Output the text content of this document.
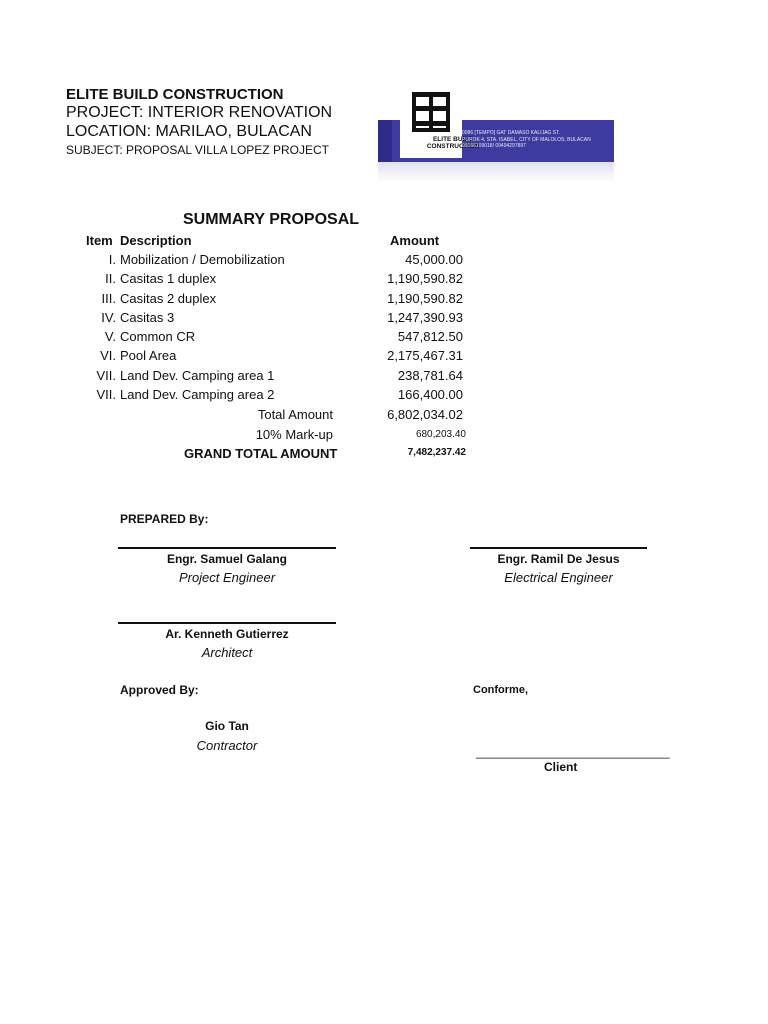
ELITE BUILD CONSTRUCTION
PROJECT: INTERIOR RENOVATION
LOCATION: MARILAO, BULACAN
SUBJECT: PROPOSAL VILLA LOPEZ PROJECT
ELITE BUILD
CONSTRUCTION
0086 [TEMPO] GAT DAMASO KALIJAG ST.
PUROK 4, STA. ISABEL, CITY OF MALOLOS, BULACAN
09166109018/ 09494297897
SUMMARY PROPOSAL
Item Description	Amount
I. Mobilization / Demobilization	45,000.00
II. Casitas 1 duplex	1,190,590.82
III. Casitas 2 duplex	1,190,590.82
IV. Casitas 3	1,247,390.93
V. Common CR	547,812.50
VI. Pool Area	2,175,467.31
VII. Land Dev. Camping area 1	238,781.64
VII. Land Dev. Camping area 2	166,400.00
Total Amount	6,802,034.02
10% Mark-up	680,203.40
GRAND TOTAL AMOUNT	7,482,237.42
PREPARED By:
Engr. Samuel Galang
Project Engineer
Engr. Ramil De Jesus
Electrical Engineer
Ar. Kenneth Gutierrez
Architect
Approved By:	Conforme,
Gio Tan
Contractor	_____________________________
Client
